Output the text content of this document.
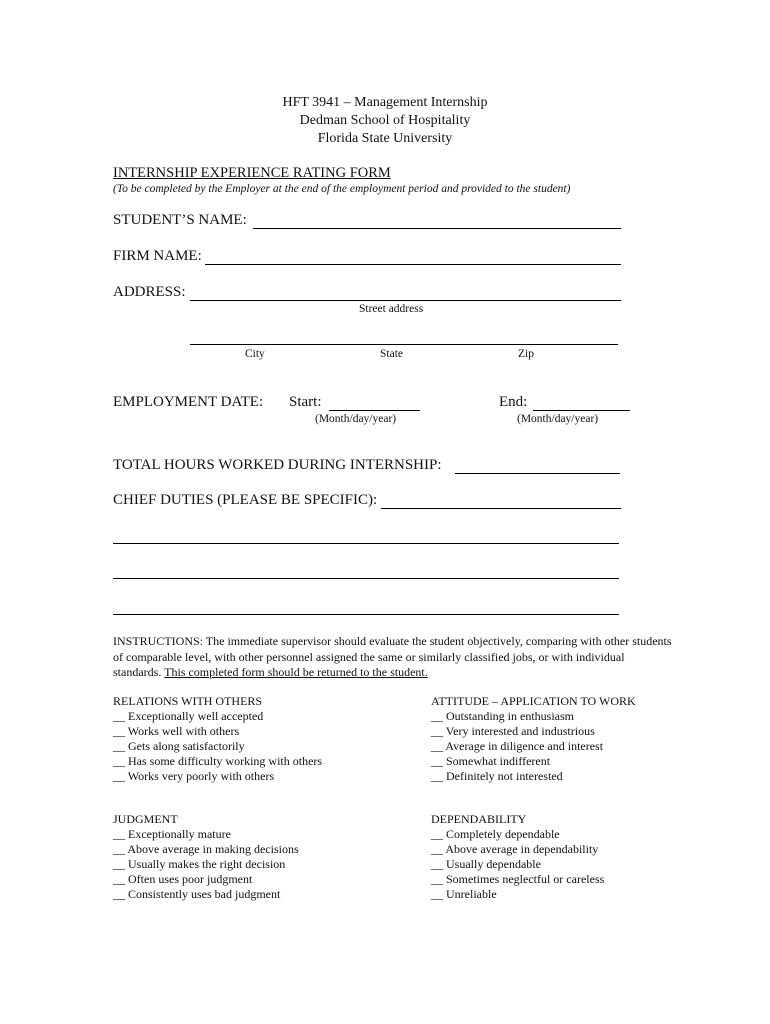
HFT 3941 – Management Internship
Dedman School of Hospitality
Florida State University
INTERNSHIP EXPERIENCE RATING FORM
(To be completed by the Employer at the end of the employment period and provided to the student)
STUDENT’S NAME:
FIRM NAME:
ADDRESS:
Street address
City	State	Zip
EMPLOYMENT DATE: Start:
(Month/day/year)
End:
(Month/day/year)
TOTAL HOURS WORKED DURING INTERNSHIP:
CHIEF DUTIES (PLEASE BE SPECIFIC):
INSTRUCTIONS: The immediate supervisor should evaluate the student objectively, comparing with other students of comparable level, with other personnel assigned the same or similarly classified jobs, or with individual standards. This completed form should be returned to the student.
RELATIONS WITH OTHERS
__ Exceptionally well accepted
__ Works well with others
__ Gets along satisfactorily
__ Has some difficulty working with others
__ Works very poorly with others
ATTITUDE – APPLICATION TO WORK
__ Outstanding in enthusiasm
__ Very interested and industrious
__ Average in diligence and interest
__ Somewhat indifferent
__ Definitely not interested
JUDGMENT
__ Exceptionally mature
__ Above average in making decisions
__ Usually makes the right decision
__ Often uses poor judgment
__ Consistently uses bad judgment
DEPENDABILITY
__ Completely dependable
__ Above average in dependability
__ Usually dependable
__ Sometimes neglectful or careless
__ Unreliable
